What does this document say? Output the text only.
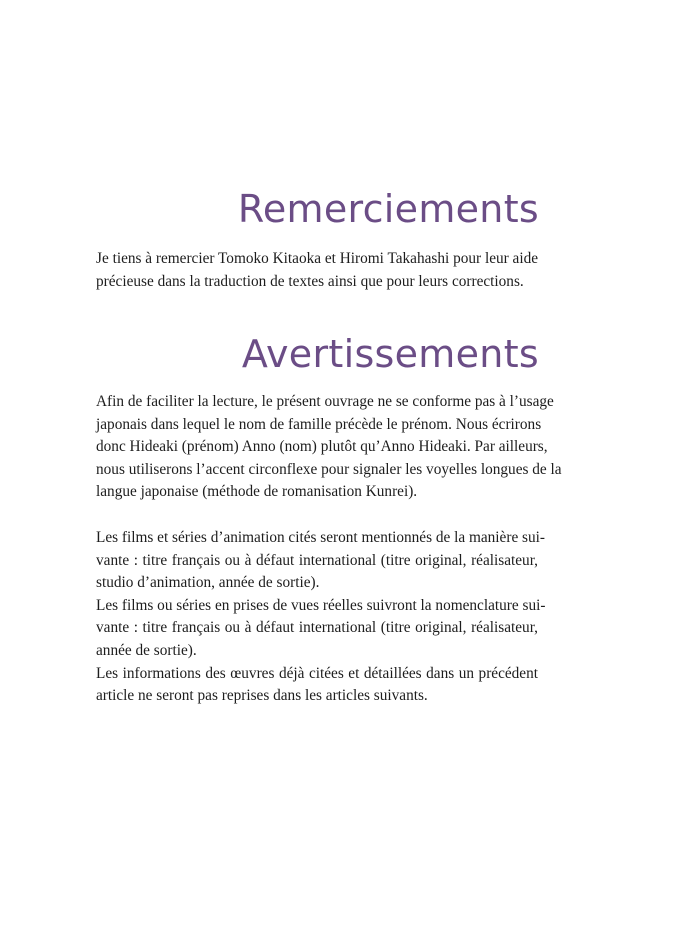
Remerciements

Je tiens à remercier Tomoko Kitaoka et Hiromi Takahashi pour leur aide
précieuse dans la traduction de textes ainsi que pour leurs corrections.

Avertissements

Afin de faciliter la lecture, le présent ouvrage ne se conforme pas à l’usage
japonais dans lequel le nom de famille précède le prénom. Nous écrirons
donc Hideaki (prénom) Anno (nom) plutôt qu’Anno Hideaki. Par ailleurs,
nous utiliserons l’accent circonflexe pour signaler les voyelles longues de la
langue japonaise (méthode de romanisation Kunrei).

Les films et séries d’animation cités seront mentionnés de la manière sui-
vante : titre français ou à défaut international (titre original, réalisateur,
studio d’animation, année de sortie).
Les films ou séries en prises de vues réelles suivront la nomenclature sui-
vante : titre français ou à défaut international (titre original, réalisateur,
année de sortie).
Les informations des œuvres déjà citées et détaillées dans un précédent
article ne seront pas reprises dans les articles suivants.
